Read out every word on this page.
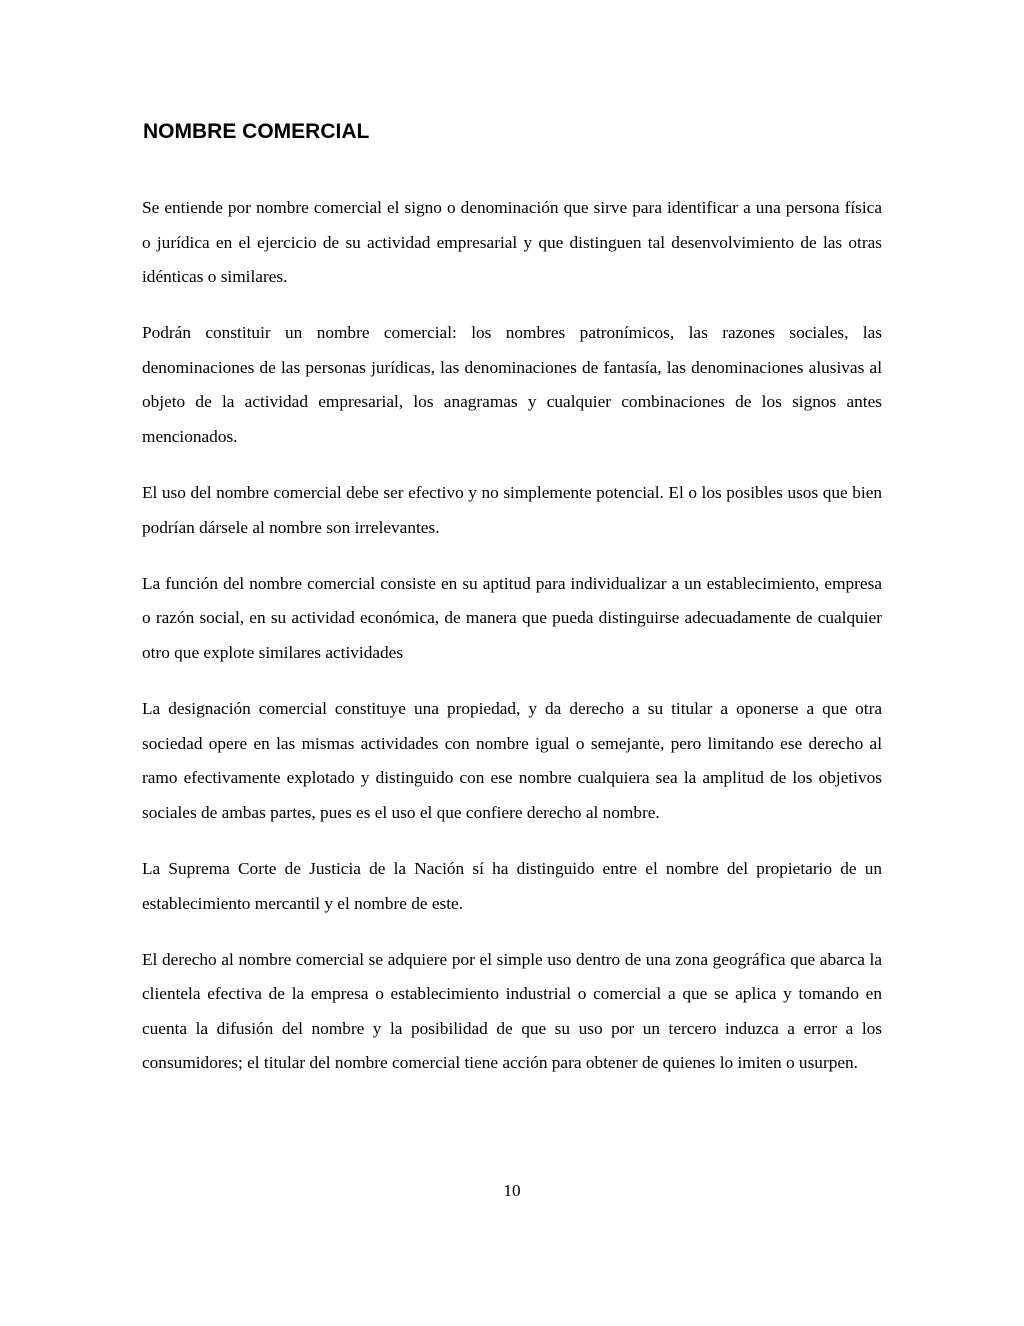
NOMBRE COMERCIAL

Se entiende por nombre comercial el signo o denominación que sirve para identificar a una persona física o jurídica en el ejercicio de su actividad empresarial y que distinguen tal desenvolvimiento de las otras idénticas o similares.

Podrán constituir un nombre comercial: los nombres patronímicos, las razones sociales, las denominaciones de las personas jurídicas, las denominaciones de fantasía, las denominaciones alusivas al objeto de la actividad empresarial, los anagramas y cualquier combinaciones de los signos antes mencionados.

El uso del nombre comercial debe ser efectivo y no simplemente potencial. El o los posibles usos que bien podrían dársele al nombre son irrelevantes.

La función del nombre comercial consiste en su aptitud para individualizar a un establecimiento, empresa o razón social, en su actividad económica, de manera que pueda distinguirse adecuadamente de cualquier otro que explote similares actividades

La designación comercial constituye una propiedad, y da derecho a su titular a oponerse a que otra sociedad opere en las mismas actividades con nombre igual o semejante, pero limitando ese derecho al ramo efectivamente explotado y distinguido con ese nombre cualquiera sea la amplitud de los objetivos sociales de ambas partes, pues es el uso el que confiere derecho al nombre.

La Suprema Corte de Justicia de la Nación sí ha distinguido entre el nombre del propietario de un establecimiento mercantil y el nombre de este.

El derecho al nombre comercial se adquiere por el simple uso dentro de una zona geográfica que abarca la clientela efectiva de la empresa o establecimiento industrial o comercial a que se aplica y tomando en cuenta la difusión del nombre y la posibilidad de que su uso por un tercero induzca a error a los consumidores; el titular del nombre comercial tiene acción para obtener de quienes lo imiten o usurpen.

10
